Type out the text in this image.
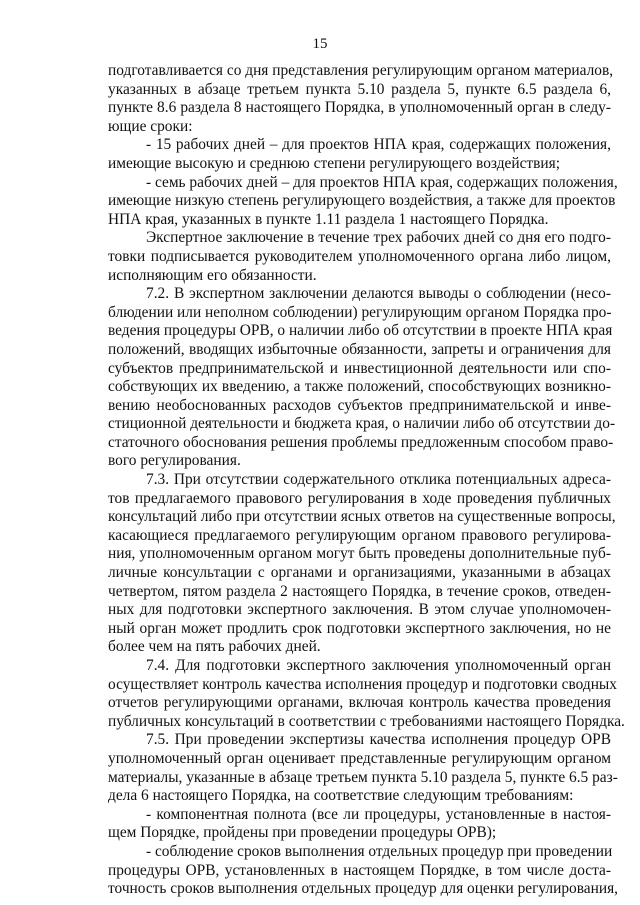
15
подготавливается со дня представления регулирующим органом материалов,
указанных в абзаце третьем пункта 5.10 раздела 5, пункте 6.5 раздела 6,
пункте 8.6 раздела 8 настоящего Порядка, в уполномоченный орган в следу-
ющие сроки:
- 15 рабочих дней – для проектов НПА края, содержащих положения,
имеющие высокую и среднюю степени регулирующего воздействия;
- семь рабочих дней – для проектов НПА края, содержащих положения,
имеющие низкую степень регулирующего воздействия, а также для проектов
НПА края, указанных в пункте 1.11 раздела 1 настоящего Порядка.
Экспертное заключение в течение трех рабочих дней со дня его подго-
товки подписывается руководителем уполномоченного органа либо лицом,
исполняющим его обязанности.
7.2. В экспертном заключении делаются выводы о соблюдении (несо-
блюдении или неполном соблюдении) регулирующим органом Порядка про-
ведения процедуры ОРВ, о наличии либо об отсутствии в проекте НПА края
положений, вводящих избыточные обязанности, запреты и ограничения для
субъектов предпринимательской и инвестиционной деятельности или спо-
собствующих их введению, а также положений, способствующих возникно-
вению необоснованных расходов субъектов предпринимательской и инве-
стиционной деятельности и бюджета края, о наличии либо об отсутствии до-
статочного обоснования решения проблемы предложенным способом право-
вого регулирования.
7.3. При отсутствии содержательного отклика потенциальных адреса-
тов предлагаемого правового регулирования в ходе проведения публичных
консультаций либо при отсутствии ясных ответов на существенные вопросы,
касающиеся предлагаемого регулирующим органом правового регулирова-
ния, уполномоченным органом могут быть проведены дополнительные пуб-
личные консультации с органами и организациями, указанными в абзацах
четвертом, пятом раздела 2 настоящего Порядка, в течение сроков, отведен-
ных для подготовки экспертного заключения. В этом случае уполномочен-
ный орган может продлить срок подготовки экспертного заключения, но не
более чем на пять рабочих дней.
7.4. Для подготовки экспертного заключения уполномоченный орган
осуществляет контроль качества исполнения процедур и подготовки сводных
отчетов регулирующими органами, включая контроль качества проведения
публичных консультаций в соответствии с требованиями настоящего Порядка.
7.5. При проведении экспертизы качества исполнения процедур ОРВ
уполномоченный орган оценивает представленные регулирующим органом
материалы, указанные в абзаце третьем пункта 5.10 раздела 5, пункте 6.5 раз-
дела 6 настоящего Порядка, на соответствие следующим требованиям:
- компонентная полнота (все ли процедуры, установленные в настоя-
щем Порядке, пройдены при проведении процедуры ОРВ);
- соблюдение сроков выполнения отдельных процедур при проведении
процедуры ОРВ, установленных в настоящем Порядке, в том числе доста-
точность сроков выполнения отдельных процедур для оценки регулирования,
